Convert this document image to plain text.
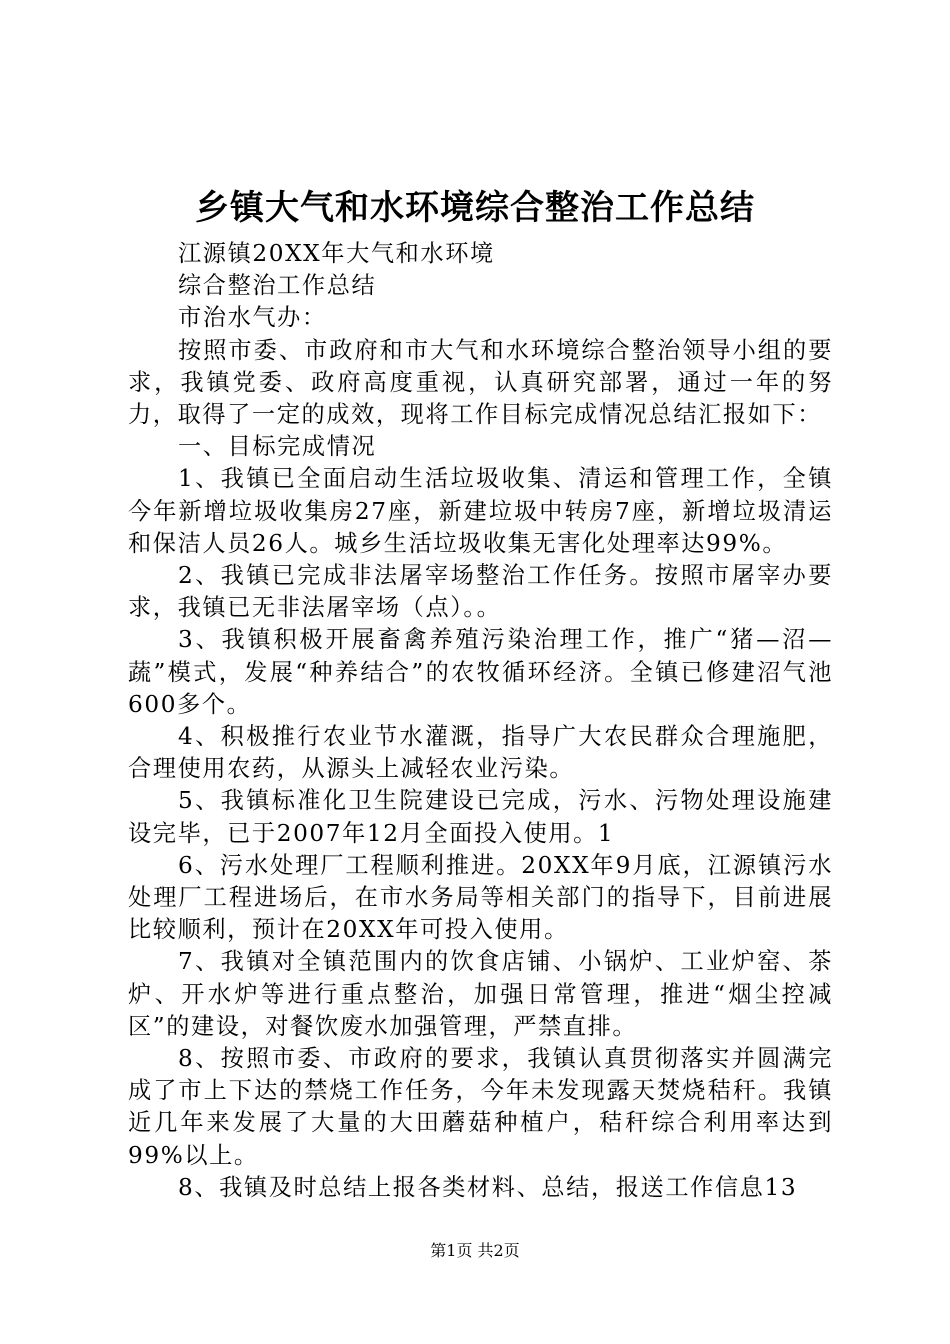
乡镇大气和水环境综合整治工作总结

江源镇20XX年大气和水环境

综合整治工作总结

市治水气办：

按照市委、市政府和市大气和水环境综合整治领导小组的要求，我镇党委、政府高度重视，认真研究部署，通过一年的努力，取得了一定的成效，现将工作目标完成情况总结汇报如下：

一、目标完成情况

1、我镇已全面启动生活垃圾收集、清运和管理工作，全镇今年新增垃圾收集房27座，新建垃圾中转房7座，新增垃圾清运和保洁人员26人。城乡生活垃圾收集无害化处理率达99%。

2、我镇已完成非法屠宰场整治工作任务。按照市屠宰办要求，我镇已无非法屠宰场（点）。。

3、我镇积极开展畜禽养殖污染治理工作，推广“猪—沼—蔬”模式，发展“种养结合”的农牧循环经济。全镇已修建沼气池600多个。

4、积极推行农业节水灌溉，指导广大农民群众合理施肥，合理使用农药，从源头上减轻农业污染。

5、我镇标准化卫生院建设已完成，污水、污物处理设施建设完毕，已于2007年12月全面投入使用。1

6、污水处理厂工程顺利推进。20XX年9月底，江源镇污水处理厂工程进场后，在市水务局等相关部门的指导下，目前进展比较顺利，预计在20XX年可投入使用。

7、我镇对全镇范围内的饮食店铺、小锅炉、工业炉窑、茶炉、开水炉等进行重点整治，加强日常管理，推进“烟尘控减区”的建设，对餐饮废水加强管理，严禁直排。

8、按照市委、市政府的要求，我镇认真贯彻落实并圆满完成了市上下达的禁烧工作任务，今年未发现露天焚烧秸秆。我镇近几年来发展了大量的大田蘑菇种植户，秸秆综合利用率达到99%以上。

8、我镇及时总结上报各类材料、总结，报送工作信息13

第1页 共2页
